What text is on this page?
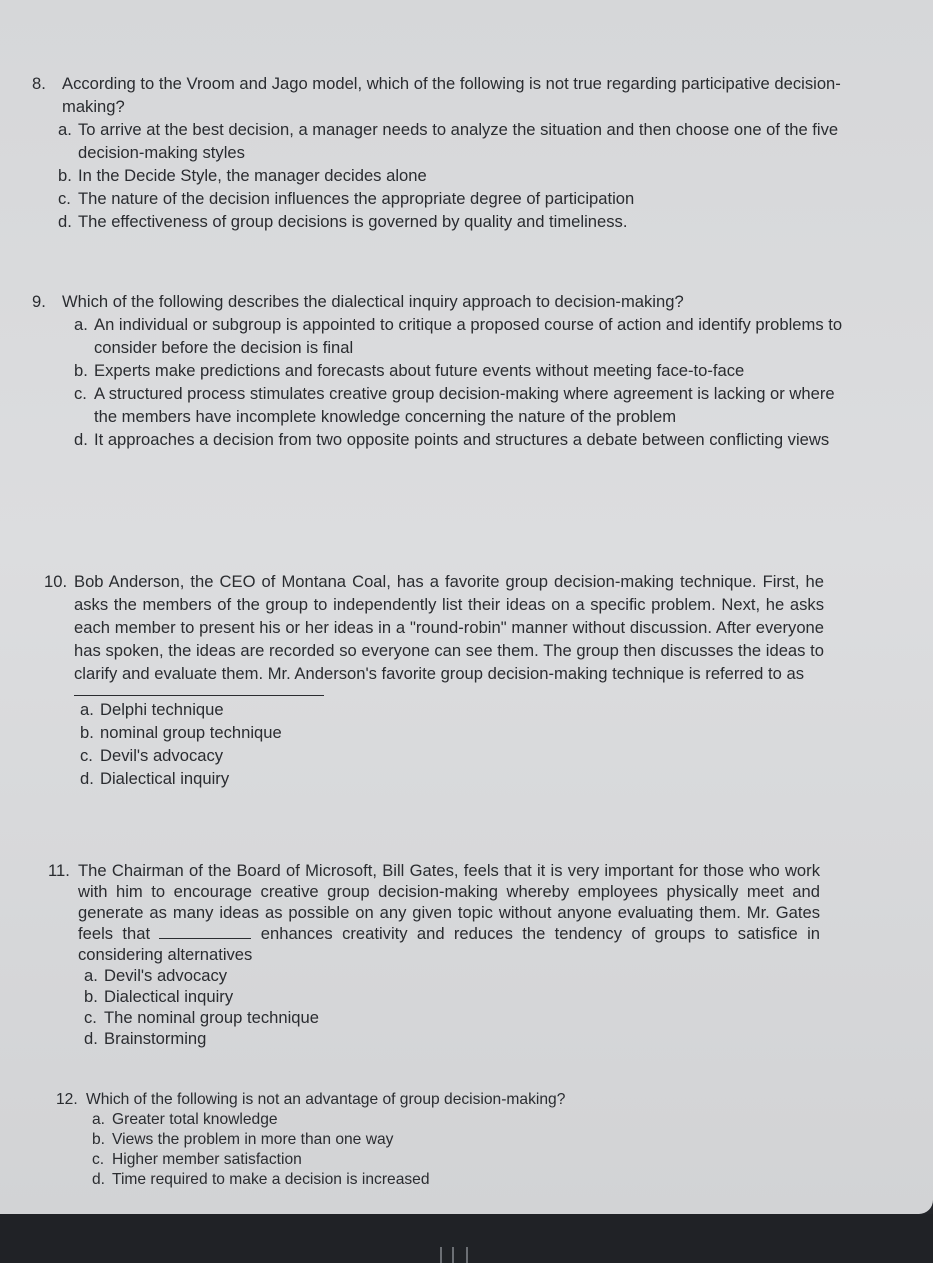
8. According to the Vroom and Jago model, which of the following is not true regarding participative decision-making?

a. To arrive at the best decision, a manager needs to analyze the situation and then choose one of the five decision-making styles

b. In the Decide Style, the manager decides alone

c. The nature of the decision influences the appropriate degree of participation

d. The effectiveness of group decisions is governed by quality and timeliness.

9. Which of the following describes the dialectical inquiry approach to decision-making?

a. An individual or subgroup is appointed to critique a proposed course of action and identify problems to consider before the decision is final

b. Experts make predictions and forecasts about future events without meeting face-to-face

c. A structured process stimulates creative group decision-making where agreement is lacking or where the members have incomplete knowledge concerning the nature of the problem

d. It approaches a decision from two opposite points and structures a debate between conflicting views

10. Bob Anderson, the CEO of Montana Coal, has a favorite group decision-making technique. First, he asks the members of the group to independently list their ideas on a specific problem. Next, he asks each member to present his or her ideas in a "round-robin" manner without discussion. After everyone has spoken, the ideas are recorded so everyone can see them. The group then discusses the ideas to clarify and evaluate them. Mr. Anderson's favorite group decision-making technique is referred to as

a. Delphi technique

b. nominal group technique

c. Devil's advocacy

d. Dialectical inquiry

11. The Chairman of the Board of Microsoft, Bill Gates, feels that it is very important for those who work with him to encourage creative group decision-making whereby employees physically meet and generate as many ideas as possible on any given topic without anyone evaluating them. Mr. Gates feels that	enhances creativity and reduces the tendency of groups to satisfice in considering alternatives

a. Devil's advocacy

b. Dialectical inquiry

c. The nominal group technique

d. Brainstorming

12. Which of the following is not an advantage of group decision-making?

a. Greater total knowledge

b. Views the problem in more than one way

c. Higher member satisfaction

d. Time required to make a decision is increased
